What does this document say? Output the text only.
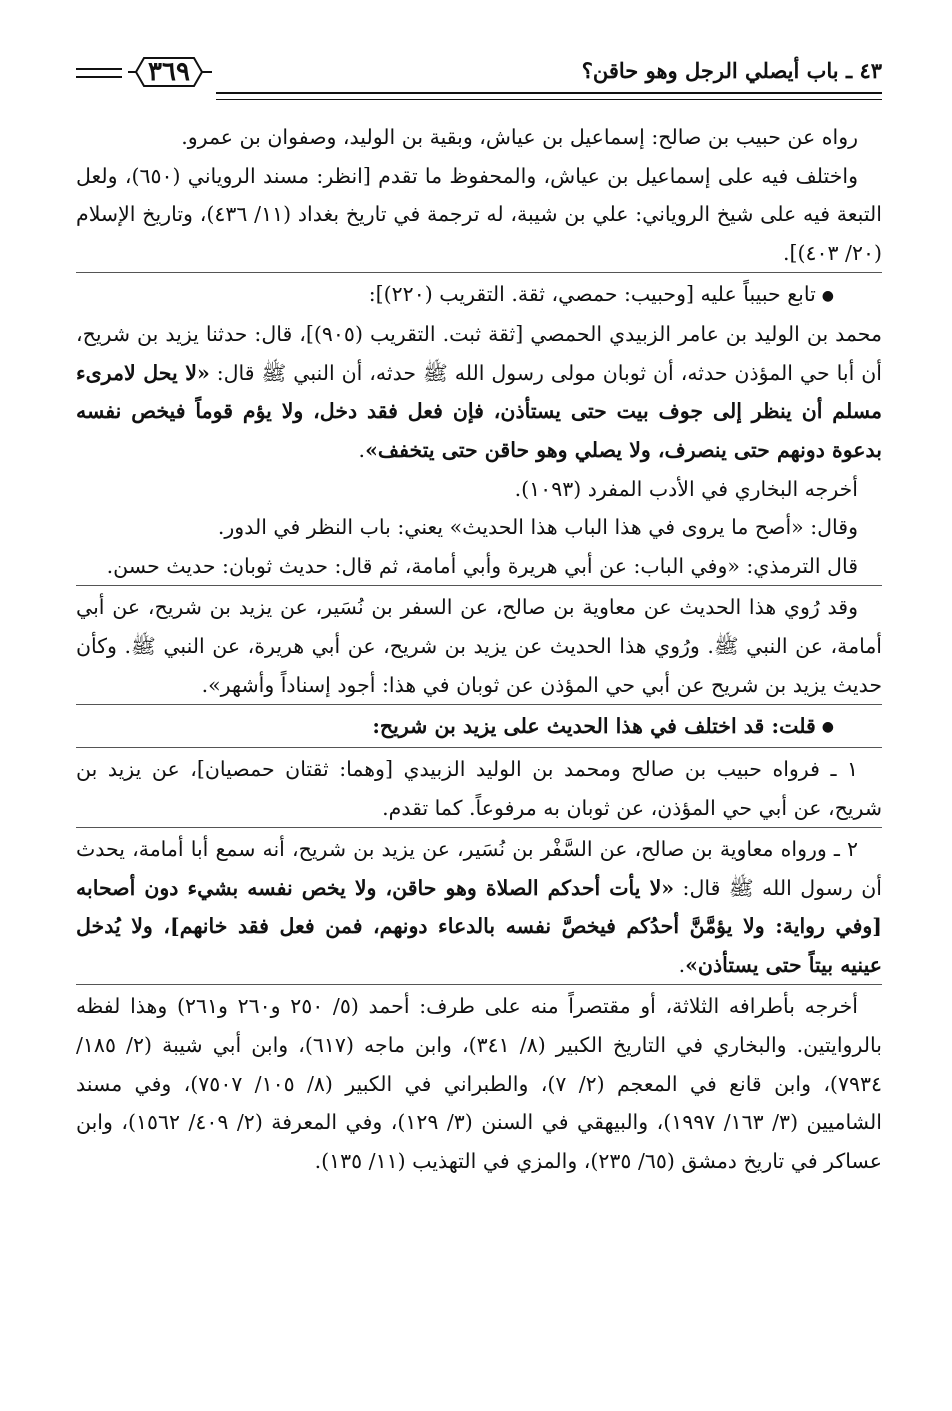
٣٦٩	٤٣ ـ باب أيصلي الرجل وهو حاقن؟

رواه عن حبيب بن صالح: إسماعيل بن عياش، وبقية بن الوليد، وصفوان بن عمرو.

واختلف فيه على إسماعيل بن عياش، والمحفوظ ما تقدم [انظر: مسند الروياني (٦٥٠)، ولعل التبعة فيه على شيخ الروياني: علي بن شيبة، له ترجمة في تاريخ بغداد (١١/ ٤٣٦)، وتاريخ الإسلام (٢٠/ ٤٠٣)].

●تابع حبيباً عليه [وحبيب: حمصي، ثقة. التقريب (٢٢٠)]:

محمد بن الوليد بن عامر الزبيدي الحمصي [ثقة ثبت. التقريب (٩٠٥)]، قال: حدثنا يزيد بن شريح، أن أبا حي المؤذن حدثه، أن ثوبان مولى رسول الله ﷺ حدثه، أن النبي ﷺ قال: «لا يحل لامرىء مسلم أن ينظر إلى جوف بيت حتى يستأذن، فإن فعل فقد دخل، ولا يؤم قوماً فيخص نفسه بدعوة دونهم حتى ينصرف، ولا يصلي وهو حاقن حتى يتخفف».

أخرجه البخاري في الأدب المفرد (١٠٩٣).

وقال: «أصح ما يروى في هذا الباب هذا الحديث» يعني: باب النظر في الدور.

قال الترمذي: «وفي الباب: عن أبي هريرة وأبي أمامة، ثم قال: حديث ثوبان: حديث حسن.

وقد رُوي هذا الحديث عن معاوية بن صالح، عن السفر بن نُسَير، عن يزيد بن شريح، عن أبي أمامة، عن النبي ﷺ. ورُوي هذا الحديث عن يزيد بن شريح، عن أبي هريرة، عن النبي ﷺ. وكأن حديث يزيد بن شريح عن أبي حي المؤذن عن ثوبان في هذا: أجود إسناداً وأشهر».

●قلت: قد اختلف في هذا الحديث على يزيد بن شريح:

١ ـ فرواه حبيب بن صالح ومحمد بن الوليد الزبيدي [وهما: ثقتان حمصيان]، عن يزيد بن شريح، عن أبي حي المؤذن، عن ثوبان به مرفوعاً. كما تقدم.

٢ ـ ورواه معاوية بن صالح، عن السَّفْر بن نُسَير، عن يزيد بن شريح، أنه سمع أبا أمامة، يحدث أن رسول الله ﷺ قال: «لا يأت أحدكم الصلاة وهو حاقن، ولا يخص نفسه بشيء دون أصحابه [وفي رواية: ولا يؤمَّنَّ أحدُكم فيخصَّ نفسه بالدعاء دونهم، فمن فعل فقد خانهم]، ولا يُدخل عينيه بيتاً حتى يستأذن».

أخرجه بأطرافه الثلاثة، أو مقتصراً منه على طرف: أحمد (٥/ ٢٥٠ و٢٦٠ و٢٦١) وهذا لفظه بالروايتين. والبخاري في التاريخ الكبير (٨/ ٣٤١)، وابن ماجه (٦١٧)، وابن أبي شيبة (٢/ ١٨٥/ ٧٩٣٤)، وابن قانع في المعجم (٢/ ٧)، والطبراني في الكبير (٨/ ١٠٥/ ٧٥٠٧)، وفي مسند الشاميين (٣/ ١٦٣/ ١٩٩٧)، والبيهقي في السنن (٣/ ١٢٩)، وفي المعرفة (٢/ ٤٠٩/ ١٥٦٢)، وابن عساكر في تاريخ دمشق (٦٥/ ٢٣٥)، والمزي في التهذيب (١١/ ١٣٥).
